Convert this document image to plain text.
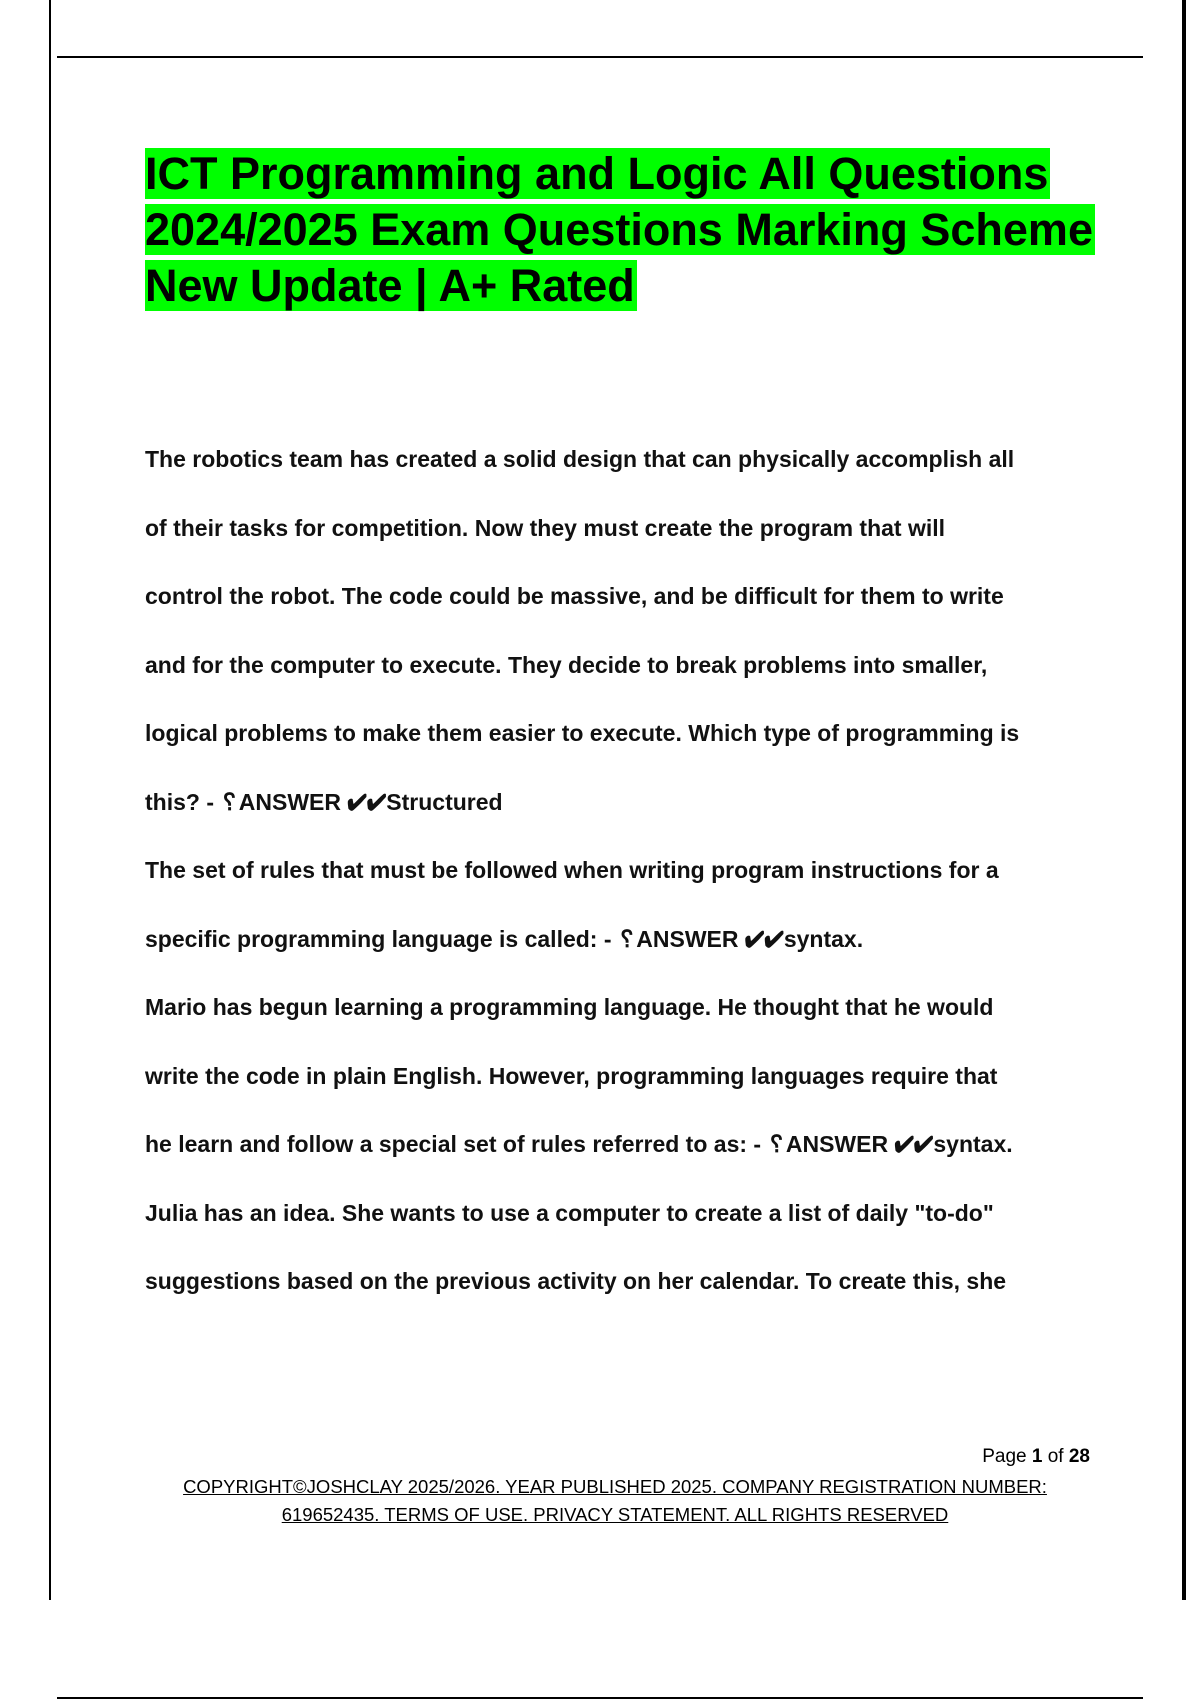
ICT Programming and Logic All Questions 2024/2025 Exam Questions Marking Scheme New Update | A+ Rated
The robotics team has created a solid design that can physically accomplish all
of their tasks for competition. Now they must create the program that will
control the robot. The code could be massive, and be difficult for them to write
and for the computer to execute. They decide to break problems into smaller,
logical problems to make them easier to execute. Which type of programming is
this? - ␦ANSWER ✔✔Structured
The set of rules that must be followed when writing program instructions for a
specific programming language is called: - ␦ANSWER ✔✔syntax.
Mario has begun learning a programming language. He thought that he would
write the code in plain English. However, programming languages require that
he learn and follow a special set of rules referred to as: - ␦ANSWER ✔✔syntax.
Julia has an idea. She wants to use a computer to create a list of daily "to-do"
suggestions based on the previous activity on her calendar. To create this, she
Page 1 of 28
COPYRIGHT©JOSHCLAY 2025/2026. YEAR PUBLISHED 2025. COMPANY REGISTRATION NUMBER:
619652435. TERMS OF USE. PRIVACY STATEMENT. ALL RIGHTS RESERVED
